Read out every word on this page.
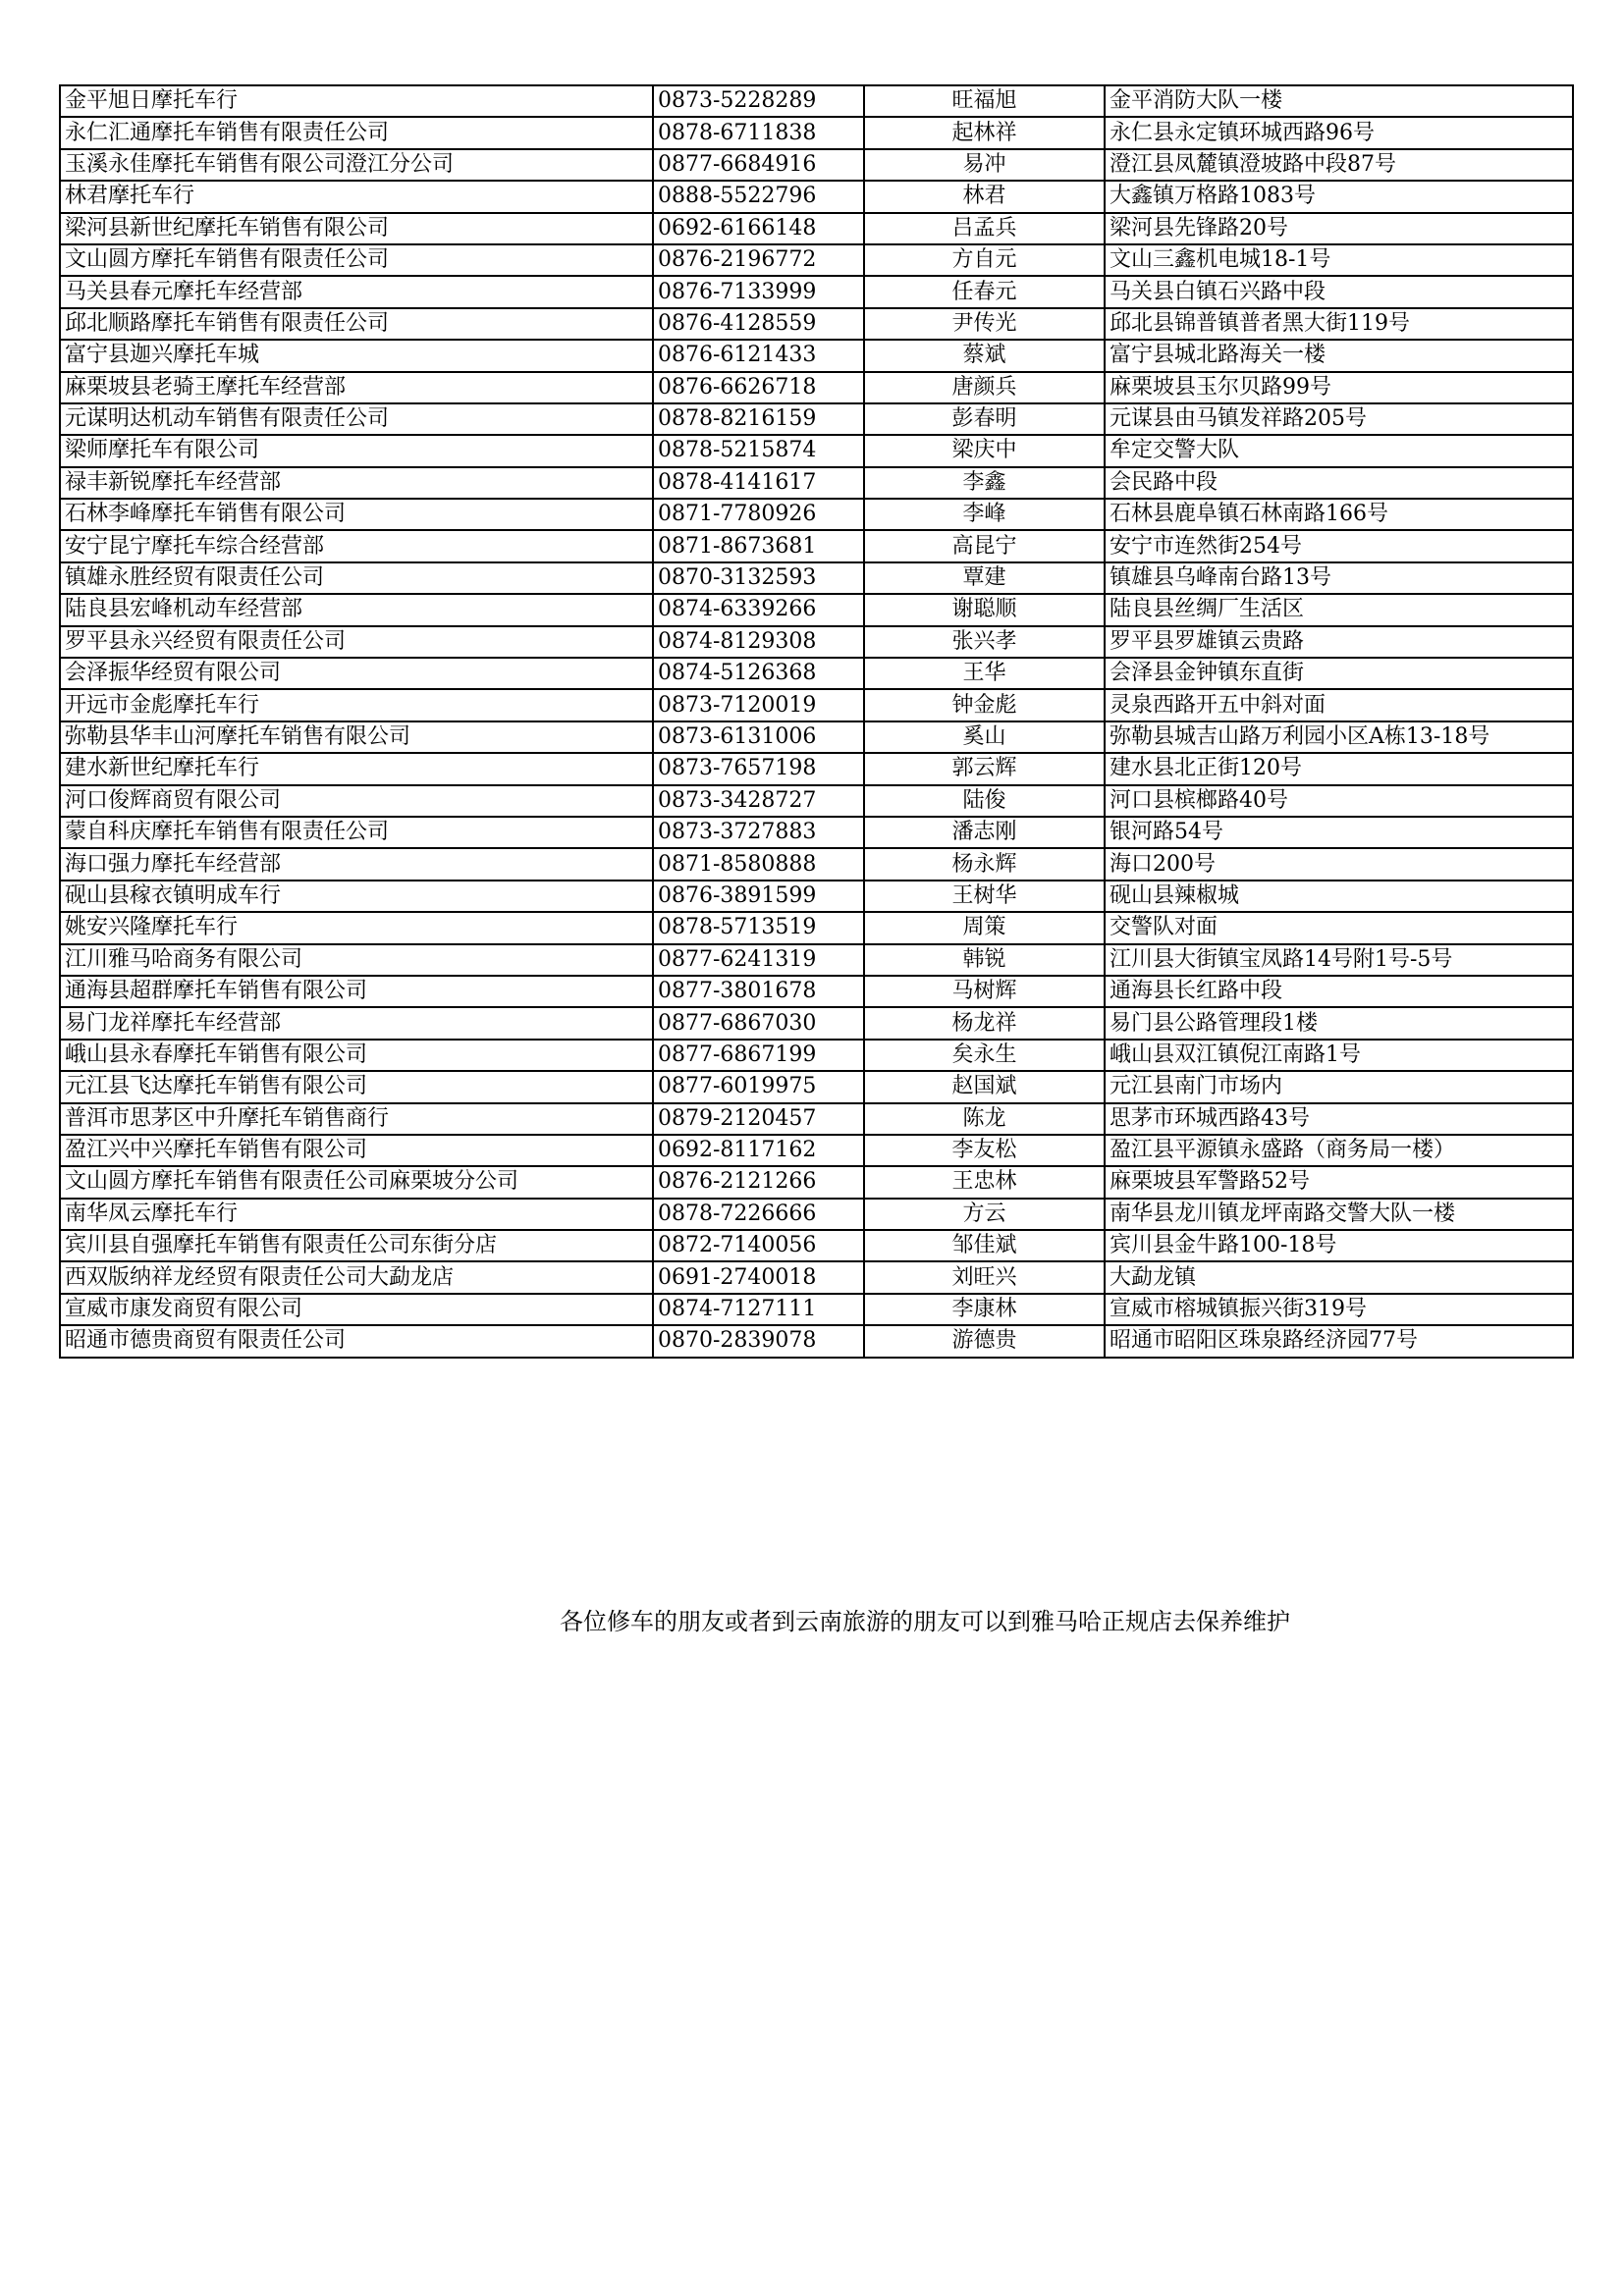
金平旭日摩托车行	0873-5228289	旺福旭	金平消防大队一楼
永仁汇通摩托车销售有限责任公司	0878-6711838	起林祥	永仁县永定镇环城西路96号
玉溪永佳摩托车销售有限公司澄江分公司	0877-6684916	易冲	澄江县凤麓镇澄坡路中段87号
林君摩托车行	0888-5522796	林君	大鑫镇万格路1083号
梁河县新世纪摩托车销售有限公司	0692-6166148	吕孟兵	梁河县先锋路20号
文山圆方摩托车销售有限责任公司	0876-2196772	方自元	文山三鑫机电城18-1号
马关县春元摩托车经营部	0876-7133999	任春元	马关县白镇石兴路中段
邱北顺路摩托车销售有限责任公司	0876-4128559	尹传光	邱北县锦普镇普者黑大街119号
富宁县迦兴摩托车城	0876-6121433	蔡斌	富宁县城北路海关一楼
麻栗坡县老骑王摩托车经营部	0876-6626718	唐颜兵	麻栗坡县玉尔贝路99号
元谋明达机动车销售有限责任公司	0878-8216159	彭春明	元谋县由马镇发祥路205号
梁师摩托车有限公司	0878-5215874	梁庆中	牟定交警大队
禄丰新锐摩托车经营部	0878-4141617	李鑫	会民路中段
石林李峰摩托车销售有限公司	0871-7780926	李峰	石林县鹿阜镇石林南路166号
安宁昆宁摩托车综合经营部	0871-8673681	高昆宁	安宁市连然街254号
镇雄永胜经贸有限责任公司	0870-3132593	覃建	镇雄县乌峰南台路13号
陆良县宏峰机动车经营部	0874-6339266	谢聪顺	陆良县丝绸厂生活区
罗平县永兴经贸有限责任公司	0874-8129308	张兴孝	罗平县罗雄镇云贵路
会泽振华经贸有限公司	0874-5126368	王华	会泽县金钟镇东直街
开远市金彪摩托车行	0873-7120019	钟金彪	灵泉西路开五中斜对面
弥勒县华丰山河摩托车销售有限公司	0873-6131006	奚山	弥勒县城吉山路万利园小区A栋13-18号
建水新世纪摩托车行	0873-7657198	郭云辉	建水县北正街120号
河口俊辉商贸有限公司	0873-3428727	陆俊	河口县槟榔路40号
蒙自科庆摩托车销售有限责任公司	0873-3727883	潘志刚	银河路54号
海口强力摩托车经营部	0871-8580888	杨永辉	海口200号
砚山县稼衣镇明成车行	0876-3891599	王树华	砚山县辣椒城
姚安兴隆摩托车行	0878-5713519	周策	交警队对面
江川雅马哈商务有限公司	0877-6241319	韩锐	江川县大街镇宝凤路14号附1号-5号
通海县超群摩托车销售有限公司	0877-3801678	马树辉	通海县长红路中段
易门龙祥摩托车经营部	0877-6867030	杨龙祥	易门县公路管理段1楼
峨山县永春摩托车销售有限公司	0877-6867199	矣永生	峨山县双江镇倪江南路1号
元江县飞达摩托车销售有限公司	0877-6019975	赵国斌	元江县南门市场内
普洱市思茅区中升摩托车销售商行	0879-2120457	陈龙	思茅市环城西路43号
盈江兴中兴摩托车销售有限公司	0692-8117162	李友松	盈江县平源镇永盛路（商务局一楼）
文山圆方摩托车销售有限责任公司麻栗坡分公司	0876-2121266	王忠林	麻栗坡县军警路52号
南华凤云摩托车行	0878-7226666	方云	南华县龙川镇龙坪南路交警大队一楼
宾川县自强摩托车销售有限责任公司东街分店	0872-7140056	邹佳斌	宾川县金牛路100-18号
西双版纳祥龙经贸有限责任公司大勐龙店	0691-2740018	刘旺兴	大勐龙镇
宣威市康发商贸有限公司	0874-7127111	李康林	宣威市榕城镇振兴街319号
昭通市德贵商贸有限责任公司	0870-2839078	游德贵	昭通市昭阳区珠泉路经济园77号
各位修车的朋友或者到云南旅游的朋友可以到雅马哈正规店去保养维护
